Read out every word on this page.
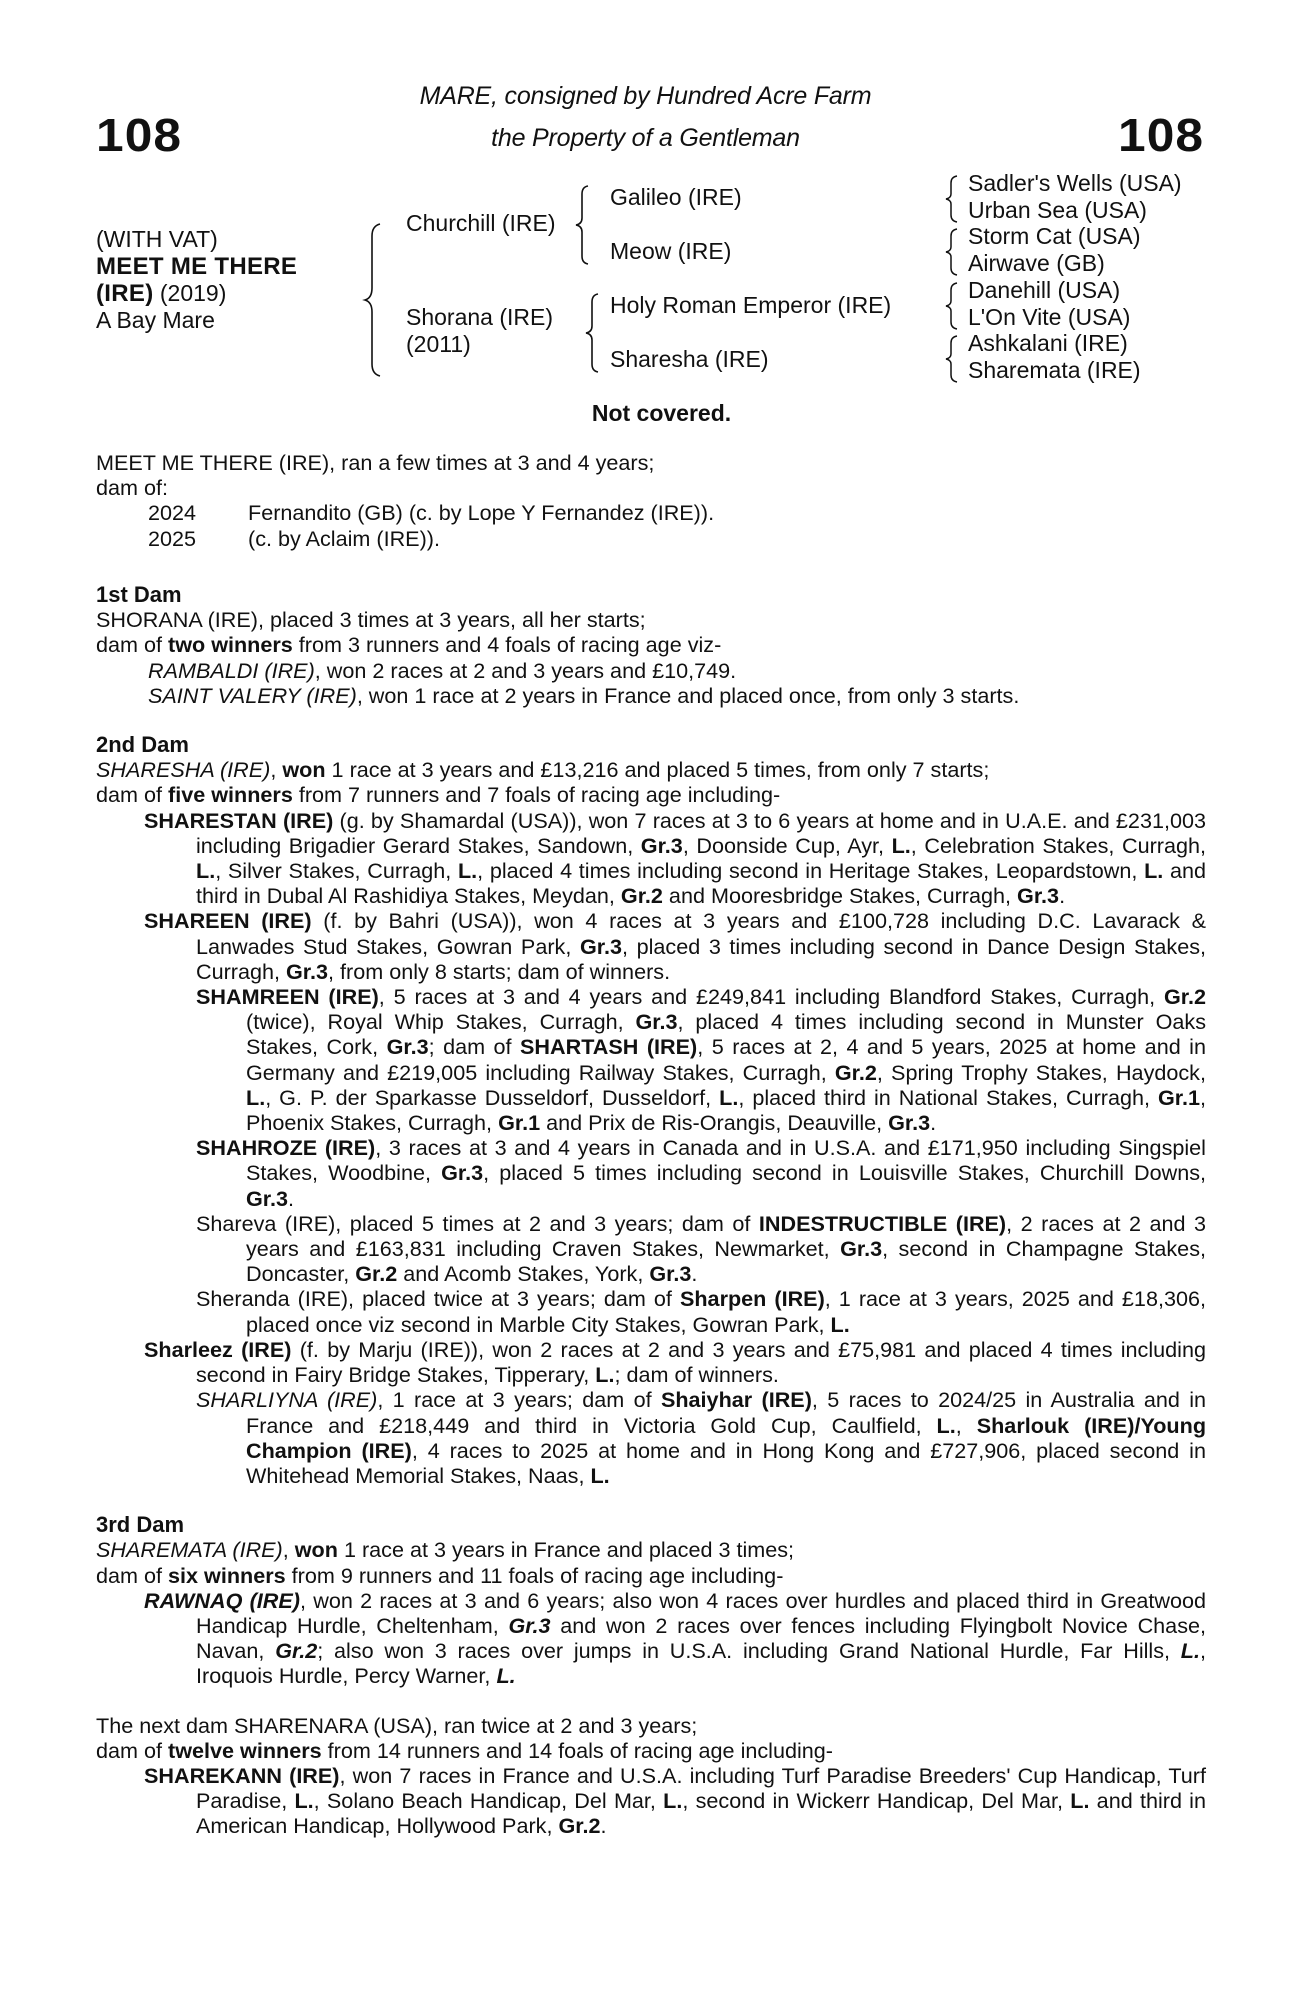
108	108
MARE, consigned by Hundred Acre Farm
the Property of a Gentleman
(WITH VAT)
MEET ME THERE
(IRE) (2019)
A Bay Mare
Churchill (IRE)
Shorana (IRE)
(2011)
Galileo (IRE)
Meow (IRE)
Holy Roman Emperor (IRE)
Sharesha (IRE)
Sadler's Wells (USA)
Urban Sea (USA)
Storm Cat (USA)
Airwave (GB)
Danehill (USA)
L'On Vite (USA)
Ashkalani (IRE)
Sharemata (IRE)
Not covered.

MEET ME THERE (IRE), ran a few times at 3 and 4 years;

dam of:

2024	Fernandito (GB) (c. by Lope Y Fernandez (IRE)).
2025	(c. by Aclaim (IRE)).
1st Dam

SHORANA (IRE), placed 3 times at 3 years, all her starts;

dam of two winners from 3 runners and 4 foals of racing age viz-

RAMBALDI (IRE), won 2 races at 2 and 3 years and £10,749.

SAINT VALERY (IRE), won 1 race at 2 years in France and placed once, from only 3 starts.

2nd Dam

SHARESHA (IRE), won 1 race at 3 years and £13,216 and placed 5 times, from only 7 starts;

dam of five winners from 7 runners and 7 foals of racing age including-

SHARESTAN (IRE) (g. by Shamardal (USA)), won 7 races at 3 to 6 years at home and in U.A.E. and £231,003 including Brigadier Gerard Stakes, Sandown, Gr.3, Doonside Cup, Ayr, L., Celebration Stakes, Curragh, L., Silver Stakes, Curragh, L., placed 4 times including second in Heritage Stakes, Leopardstown, L. and third in Dubal Al Rashidiya Stakes, Meydan, Gr.2 and Mooresbridge Stakes, Curragh, Gr.3.

SHAREEN (IRE) (f. by Bahri (USA)), won 4 races at 3 years and £100,728 including D.C. Lavarack & Lanwades Stud Stakes, Gowran Park, Gr.3, placed 3 times including second in Dance Design Stakes, Curragh, Gr.3, from only 8 starts; dam of winners.

SHAMREEN (IRE), 5 races at 3 and 4 years and £249,841 including Blandford Stakes, Curragh, Gr.2 (twice), Royal Whip Stakes, Curragh, Gr.3, placed 4 times including second in Munster Oaks Stakes, Cork, Gr.3; dam of SHARTASH (IRE), 5 races at 2, 4 and 5 years, 2025 at home and in Germany and £219,005 including Railway Stakes, Curragh, Gr.2, Spring Trophy Stakes, Haydock, L., G. P. der Sparkasse Dusseldorf, Dusseldorf, L., placed third in National Stakes, Curragh, Gr.1, Phoenix Stakes, Curragh, Gr.1 and Prix de Ris-Orangis, Deauville, Gr.3.

SHAHROZE (IRE), 3 races at 3 and 4 years in Canada and in U.S.A. and £171,950 including Singspiel Stakes, Woodbine, Gr.3, placed 5 times including second in Louisville Stakes, Churchill Downs, Gr.3.

Shareva (IRE), placed 5 times at 2 and 3 years; dam of INDESTRUCTIBLE (IRE), 2 races at 2 and 3 years and £163,831 including Craven Stakes, Newmarket, Gr.3, second in Champagne Stakes, Doncaster, Gr.2 and Acomb Stakes, York, Gr.3.

Sheranda (IRE), placed twice at 3 years; dam of Sharpen (IRE), 1 race at 3 years, 2025 and £18,306, placed once viz second in Marble City Stakes, Gowran Park, L.

Sharleez (IRE) (f. by Marju (IRE)), won 2 races at 2 and 3 years and £75,981 and placed 4 times including second in Fairy Bridge Stakes, Tipperary, L.; dam of winners.

SHARLIYNA (IRE), 1 race at 3 years; dam of Shaiyhar (IRE), 5 races to 2024/25 in Australia and in France and £218,449 and third in Victoria Gold Cup, Caulfield, L., Sharlouk (IRE)/Young Champion (IRE), 4 races to 2025 at home and in Hong Kong and £727,906, placed second in Whitehead Memorial Stakes, Naas, L.

3rd Dam

SHAREMATA (IRE), won 1 race at 3 years in France and placed 3 times;

dam of six winners from 9 runners and 11 foals of racing age including-

RAWNAQ (IRE), won 2 races at 3 and 6 years; also won 4 races over hurdles and placed third in Greatwood Handicap Hurdle, Cheltenham, Gr.3 and won 2 races over fences including Flyingbolt Novice Chase, Navan, Gr.2; also won 3 races over jumps in U.S.A. including Grand National Hurdle, Far Hills, L., Iroquois Hurdle, Percy Warner, L.

The next dam SHARENARA (USA), ran twice at 2 and 3 years;

dam of twelve winners from 14 runners and 14 foals of racing age including-

SHAREKANN (IRE), won 7 races in France and U.S.A. including Turf Paradise Breeders' Cup Handicap, Turf Paradise, L., Solano Beach Handicap, Del Mar, L., second in Wickerr Handicap, Del Mar, L. and third in American Handicap, Hollywood Park, Gr.2.
